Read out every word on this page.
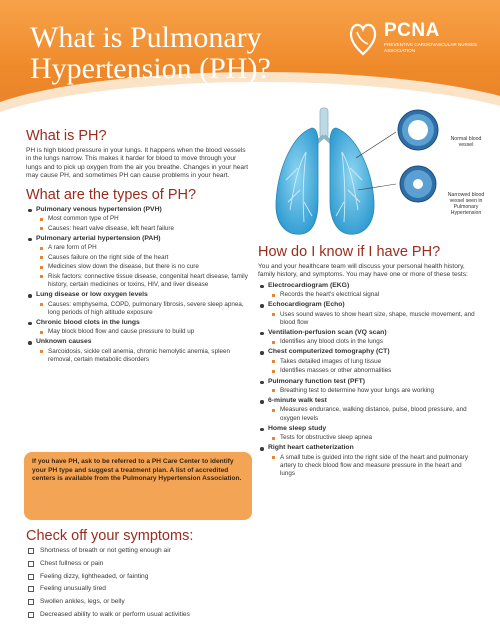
What is Pulmonary
Hypertension (PH)?
PCNA
PREVENTIVE CARDIOVASCULAR NURSES ASSOCIATION
What is PH?

PH is high blood pressure in your lungs. It happens when the blood vessels in the lungs narrow. This makes it harder for blood to move through your lungs and to pick up oxygen from the air you breathe. Changes in your heart may cause PH, and sometimes PH can cause problems in your heart.

What are the types of PH?
Pulmonary venous hypertension (PVH)
Most common type of PH
Causes: heart valve disease, left heart failure
Pulmonary arterial hypertension (PAH)
A rare form of PH
Causes failure on the right side of the heart
Medicines slow down the disease, but there is no cure
Risk factors: connective tissue disease, congenital heart disease, family history, certain medicines or toxins, HIV, and liver disease
Lung disease or low oxygen levels
Causes: emphysema, COPD, pulmonary fibrosis, severe sleep apnea, long periods of high altitude exposure
Chronic blood clots in the lungs
May block blood flow and cause pressure to build up
Unknown causes
Sarcoidosis, sickle cell anemia, chronic hemolytic anemia, spleen removal, certain metabolic disorders

If you have PH, ask to be referred to a PH Care Center to identify your PH type and suggest a treatment plan. A list of accredited centers is available from the Pulmonary Hypertension Association.

Check off your symptoms:
Shortness of breath or not getting enough air
Chest fullness or pain
Feeling dizzy, lightheaded, or fainting
Feeling unusually tired
Swollen ankles, legs, or belly
Decreased ability to walk or perform usual activities
Normal blood vessel
Narrowed blood vessel seen in Pulmonary Hypertension
How do I know if I have PH?

You and your healthcare team will discuss your personal health history, family history, and symptoms. You may have one or more of these tests:

Electrocardiogram (EKG)
Records the heart's electrical signal
Echocardiogram (Echo)
Uses sound waves to show heart size, shape, muscle movement, and blood flow
Ventilation-perfusion scan (VQ scan)
Identifies any blood clots in the lungs
Chest computerized tomography (CT)
Takes detailed images of lung tissue
Identifies masses or other abnormalities
Pulmonary function test (PFT)
Breathing test to determine how your lungs are working
6-minute walk test
Measures endurance, walking distance, pulse, blood pressure, and oxygen levels
Home sleep study
Tests for obstructive sleep apnea
Right heart catheterization
A small tube is guided into the right side of the heart and pulmonary artery to check blood flow and measure pressure in the heart and lungs
